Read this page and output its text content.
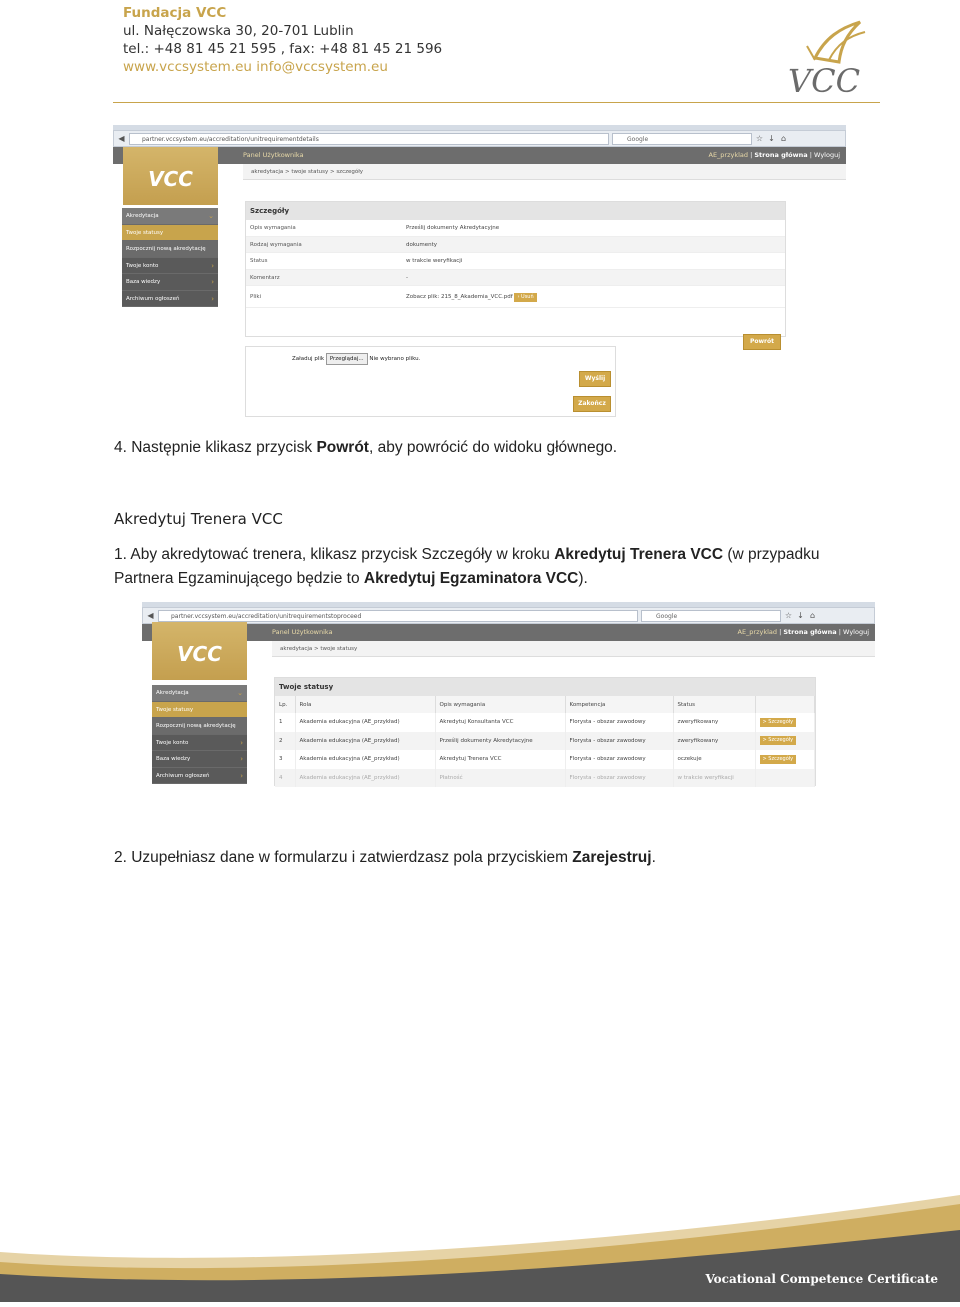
Fundacja VCC
ul. Nałęczowska 30, 20-701 Lublin
tel.: +48 81 45 21 595 , fax: +48 81 45 21 596
www.vccsystem.eu info@vccsystem.eu	VCC
◀	partner.vccsystem.eu/accreditation/unitrequirementdetails	Google	☆ ↓ ⌂
Panel Użytkownika	AE_przyklad | Strona główna | Wyloguj
akredytacja > twoje statusy > szczegóły
VCC
Akredytacja	⌄
Twoje statusy
Rozpocznij nową akredytację
Twoje konto	›
Baza wiedzy	›
Archiwum ogłoszeń	›
Szczegóły
Opis wymagania	Prześlij dokumenty Akredytacyjne
Rodzaj wymagania	dokumenty
Status	w trakcie weryfikacji
Komentarz	-
Pliki	Zobacz plik: 215_8_Akademia_VCC.pdf › Usuń
Powrót
Załaduj plik Przeglądaj... Nie wybrano pliku.
Wyślij
Zakończ
4. Następnie klikasz przycisk Powrót, aby powrócić do widoku głównego.
Akredytuj Trenera VCC
1. Aby akredytować trenera, klikasz przycisk Szczegóły w kroku Akredytuj Trenera VCC (w przypadku Partnera Egzaminującego będzie to Akredytuj Egzaminatora VCC).
◀	partner.vccsystem.eu/accreditation/unitrequirementstoproceed	Google	☆ ↓ ⌂
Panel Użytkownika	AE_przyklad | Strona główna | Wyloguj
akredytacja > twoje statusy
VCC
Akredytacja	⌄
Twoje statusy
Rozpocznij nową akredytację
Twoje konto	›
Baza wiedzy	›
Archiwum ogłoszeń	›
Twoje statusy
Lp.	Rola	Opis wymagania	Kompetencja	Status	
1	Akademia edukacyjna (AE_przykład)	Akredytuj Konsultanta VCC	Florysta - obszar zawodowy	zweryfikowany	> Szczegóły
2	Akademia edukacyjna (AE_przykład)	Prześlij dokumenty Akredytacyjne	Florysta - obszar zawodowy	zweryfikowany	> Szczegóły
3	Akademia edukacyjna (AE_przykład)	Akredytuj Trenera VCC	Florysta - obszar zawodowy	oczekuje	> Szczegóły
4	Akademia edukacyjna (AE_przykład)	Płatność	Florysta - obszar zawodowy	w trakcie weryfikacji	
2. Uzupełniasz dane w formularzu i zatwierdzasz pola przyciskiem Zarejestruj.
Vocational Competence Certificate
